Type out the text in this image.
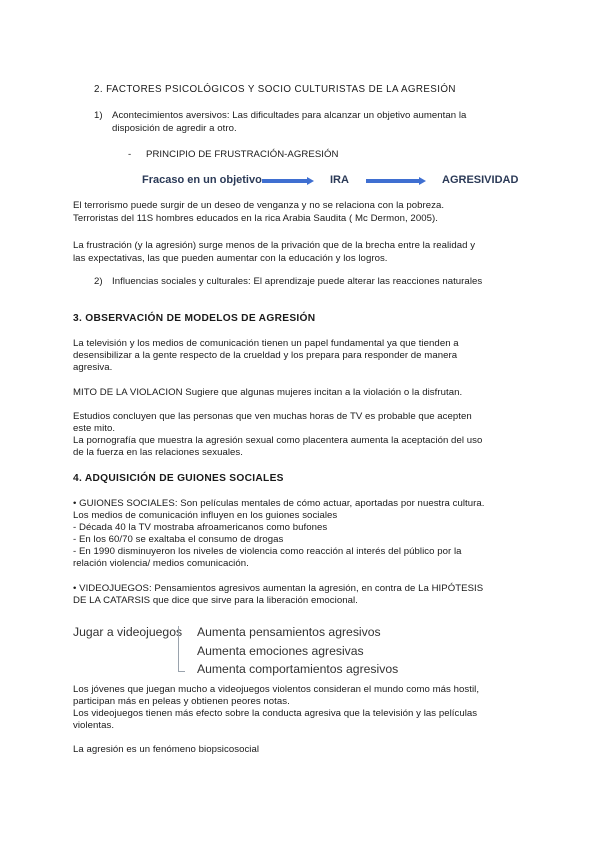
2. FACTORES PSICOLÓGICOS Y SOCIO CULTURISTAS DE LA AGRESIÓN
1) Acontecimientos aversivos: Las dificultades para alcanzar un objetivo aumentan la
disposición de agredir a otro.
- PRINCIPIO DE FRUSTRACIÓN-AGRESIÓN
Fracaso en un objetivo	IRA	AGRESIVIDAD
El terrorismo puede surgir de un deseo de venganza y no se relaciona con la pobreza.
Terroristas del 11S hombres educados en la rica Arabia Saudita ( Mc Dermon, 2005).
La frustración (y la agresión) surge menos de la privación que de la brecha entre la realidad y
las expectativas, las que pueden aumentar con la educación y los logros.
2) Influencias sociales y culturales: El aprendizaje puede alterar las reacciones naturales
3. OBSERVACIÓN DE MODELOS DE AGRESIÓN
La televisión y los medios de comunicación tienen un papel fundamental ya que tienden a
desensibilizar a la gente respecto de la crueldad y los prepara para responder de manera
agresiva.
MITO DE LA VIOLACION Sugiere que algunas mujeres incitan a la violación o la disfrutan.
Estudios concluyen que las personas que ven muchas horas de TV es probable que acepten
este mito.
La pornografía que muestra la agresión sexual como placentera aumenta la aceptación del uso
de la fuerza en las relaciones sexuales.
4. ADQUISICIÓN DE GUIONES SOCIALES
• GUIONES SOCIALES: Son películas mentales de cómo actuar, aportadas por nuestra cultura.
Los medios de comunicación influyen en los guiones sociales
- Década 40 la TV mostraba afroamericanos como bufones
- En los 60/70 se exaltaba el consumo de drogas
- En 1990 disminuyeron los niveles de violencia como reacción al interés del público por la
relación violencia/ medios comunicación.
• VIDEOJUEGOS: Pensamientos agresivos aumentan la agresión, en contra de La HIPÓTESIS
DE LA CATARSIS que dice que sirve para la liberación emocional.
Jugar a videojuegos Aumenta pensamientos agresivos
Aumenta emociones agresivas
Aumenta comportamientos agresivos
Los jóvenes que juegan mucho a videojuegos violentos consideran el mundo como más hostil,
participan más en peleas y obtienen peores notas.
Los videojuegos tienen más efecto sobre la conducta agresiva que la televisión y las películas
violentas.
La agresión es un fenómeno biopsicosocial
